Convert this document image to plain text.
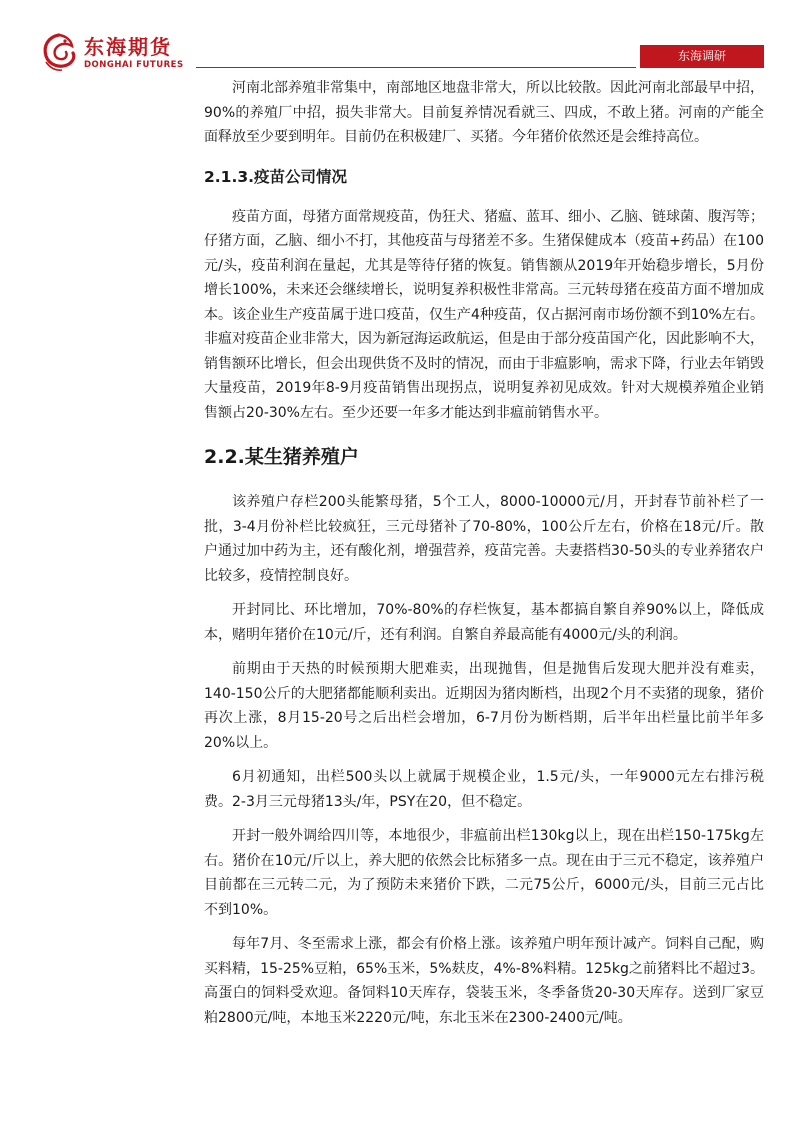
东海期货
DONGHAI FUTURES
东海调研

河南北部养殖非常集中，南部地区地盘非常大，所以比较散。因此河南北部最早中招，90%的养殖厂中招，损失非常大。目前复养情况看就三、四成，不敢上猪。河南的产能全面释放至少要到明年。目前仍在积极建厂、买猪。今年猪价依然还是会维持高位。

2.1.3.疫苗公司情况

疫苗方面，母猪方面常规疫苗，伪狂犬、猪瘟、蓝耳、细小、乙脑、链球菌、腹泻等；仔猪方面，乙脑、细小不打，其他疫苗与母猪差不多。生猪保健成本（疫苗+药品）在100元/头，疫苗利润在量起，尤其是等待仔猪的恢复。销售额从2019年开始稳步增长，5月份增长100%，未来还会继续增长，说明复养积极性非常高。三元转母猪在疫苗方面不增加成本。该企业生产疫苗属于进口疫苗，仅生产4种疫苗，仅占据河南市场份额不到10%左右。非瘟对疫苗企业非常大，因为新冠海运政航运，但是由于部分疫苗国产化，因此影响不大，销售额环比增长，但会出现供货不及时的情况，而由于非瘟影响，需求下降，行业去年销毁大量疫苗，2019年8-9月疫苗销售出现拐点，说明复养初见成效。针对大规模养殖企业销售额占20-30%左右。至少还要一年多才能达到非瘟前销售水平。

2.2.某生猪养殖户

该养殖户存栏200头能繁母猪，5个工人，8000-10000元/月，开封春节前补栏了一批，3-4月份补栏比较疯狂，三元母猪补了70-80%，100公斤左右，价格在18元/斤。散户通过加中药为主，还有酸化剂，增强营养，疫苗完善。夫妻搭档30-50头的专业养猪农户比较多，疫情控制良好。

开封同比、环比增加，70%-80%的存栏恢复，基本都搞自繁自养90%以上，降低成本，赌明年猪价在10元/斤，还有利润。自繁自养最高能有4000元/头的利润。

前期由于天热的时候预期大肥难卖，出现抛售，但是抛售后发现大肥并没有难卖，140-150公斤的大肥猪都能顺利卖出。近期因为猪肉断档，出现2个月不卖猪的现象，猪价再次上涨，8月15-20号之后出栏会增加，6-7月份为断档期，后半年出栏量比前半年多20%以上。

6月初通知，出栏500头以上就属于规模企业，1.5元/头，一年9000元左右排污税费。2-3月三元母猪13头/年，PSY在20，但不稳定。

开封一般外调给四川等，本地很少，非瘟前出栏130kg以上，现在出栏150-175kg左右。猪价在10元/斤以上，养大肥的依然会比标猪多一点。现在由于三元不稳定，该养殖户目前都在三元转二元，为了预防未来猪价下跌，二元75公斤，6000元/头，目前三元占比不到10%。

每年7月、冬至需求上涨，都会有价格上涨。该养殖户明年预计减产。饲料自己配，购买料精，15-25%豆粕，65%玉米，5%麸皮，4%-8%料精。125kg之前猪料比不超过3。高蛋白的饲料受欢迎。备饲料10天库存，袋装玉米，冬季备货20-30天库存。送到厂家豆粕2800元/吨，本地玉米2220元/吨，东北玉米在2300-2400元/吨。
